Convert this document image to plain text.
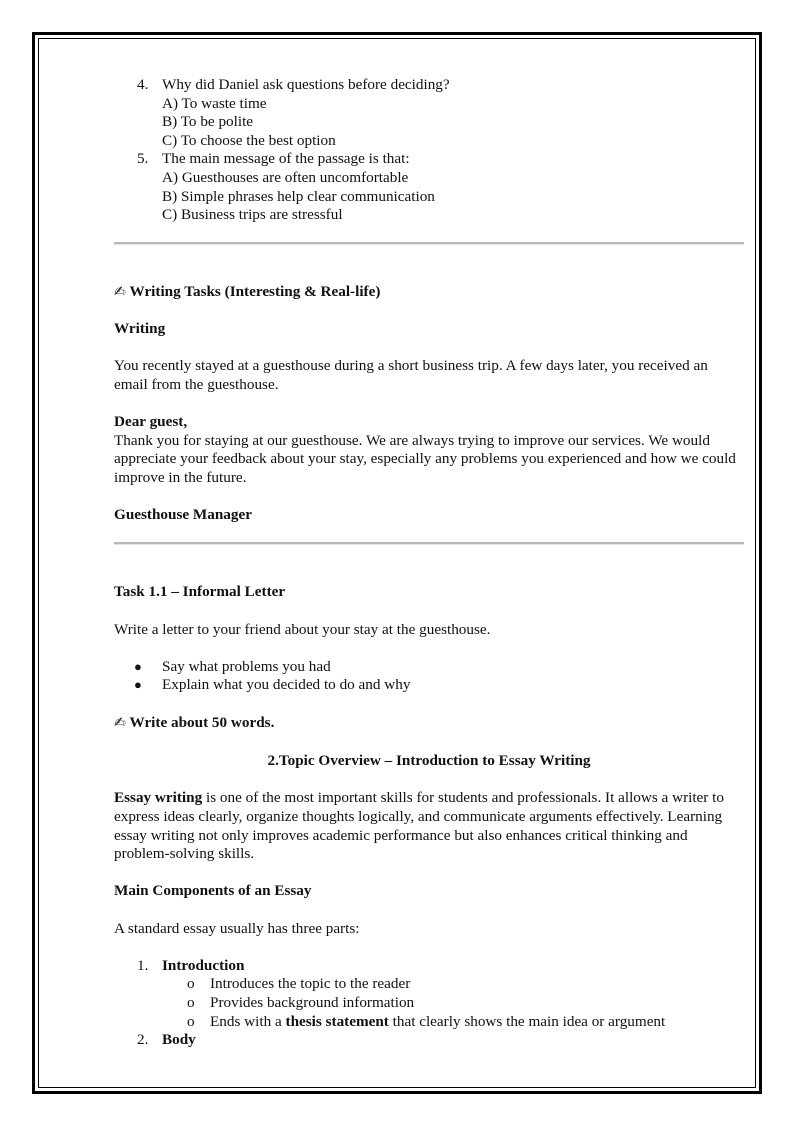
4. Why did Daniel ask questions before deciding?

A) To waste time

B) To be polite

C) To choose the best option

5. The main message of the passage is that:

A) Guesthouses are often uncomfortable

B) Simple phrases help clear communication

C) Business trips are stressful

✍ Writing Tasks (Interesting & Real-life)

Writing

You recently stayed at a guesthouse during a short business trip. A few days later, you received an email from the guesthouse.

Dear guest,

Thank you for staying at our guesthouse. We are always trying to improve our services. We would appreciate your feedback about your stay, especially any problems you experienced and how we could improve in the future.

Guesthouse Manager

Task 1.1 – Informal Letter

Write a letter to your friend about your stay at the guesthouse.

● Say what problems you had

● Explain what you decided to do and why

✍ Write about 50 words.

2.Topic Overview – Introduction to Essay Writing

Essay writing is one of the most important skills for students and professionals. It allows a writer to express ideas clearly, organize thoughts logically, and communicate arguments effectively. Learning essay writing not only improves academic performance but also enhances critical thinking and problem-solving skills.

Main Components of an Essay

A standard essay usually has three parts:

1. Introduction

o Introduces the topic to the reader

o Provides background information

o Ends with a thesis statement that clearly shows the main idea or argument

2. Body
